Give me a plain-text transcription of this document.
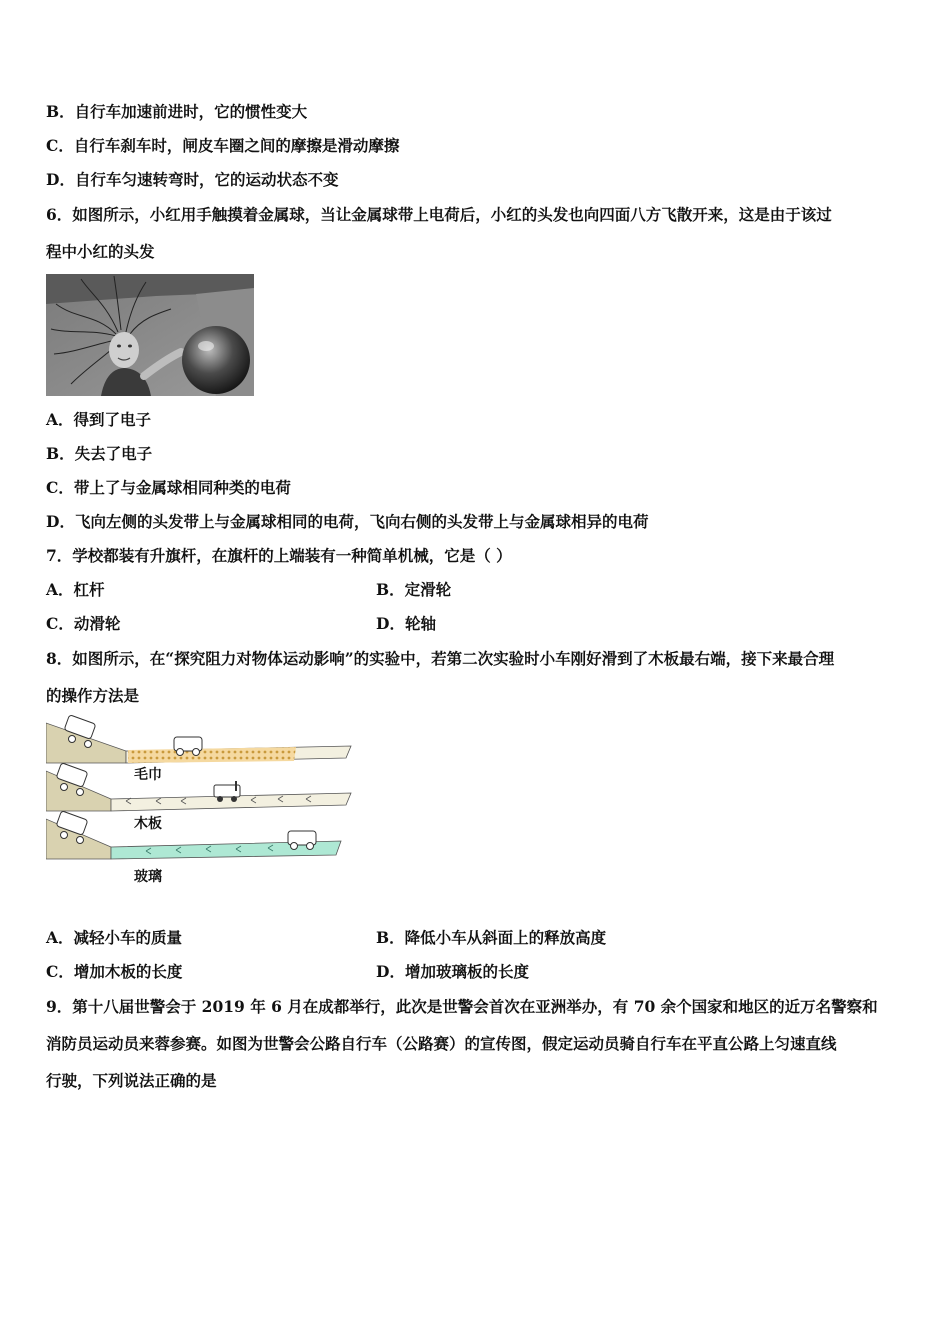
B．自行车加速前进时，它的惯性变大
C．自行车刹车时，闸皮车圈之间的摩擦是滑动摩擦
D．自行车匀速转弯时，它的运动状态不变
6．如图所示，小红用手触摸着金属球，当让金属球带上电荷后，小红的头发也向四面八方飞散开来，这是由于该过
程中小红的头发
A．得到了电子
B．失去了电子
C．带上了与金属球相同种类的电荷
D．飞向左侧的头发带上与金属球相同的电荷，飞向右侧的头发带上与金属球相异的电荷
7．学校都装有升旗杆，在旗杆的上端装有一种简单机械，它是（ ）
A．杠杆	B．定滑轮
C．动滑轮	D．轮轴
8．如图所示，在“探究阻力对物体运动影响”的实验中，若第二次实验时小车刚好滑到了木板最右端，接下来最合理
的操作方法是
毛巾
木板
玻璃
A．减轻小车的质量	B．降低小车从斜面上的释放高度
C．增加木板的长度	D．增加玻璃板的长度
9．第十八届世警会于 2019 年 6 月在成都举行，此次是世警会首次在亚洲举办，有 70 余个国家和地区的近万名警察和
消防员运动员来蓉参赛。如图为世警会公路自行车（公路赛）的宣传图，假定运动员骑自行车在平直公路上匀速直线
行驶，下列说法正确的是
